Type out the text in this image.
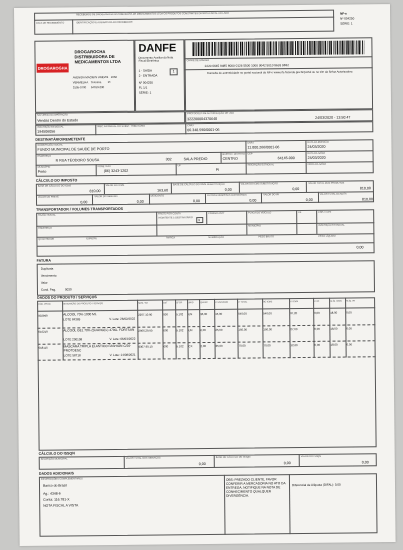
RECEBEMOS DE DROGACHOVA DISTRIBUIDORA DE MEDICAMENTOS LTDA OS PRODUTOS CONSTANTES DA NOTA FISCAL AO LADO
DATA DE RECEBIMENTO	IDENTIFICAÇÃO E ASSINATURA DO RECEBEDOR
NF-e
Nº 004250
SÉRIE: 1
DROGAROGHA
DROGAROCHA DISTRIBUIDORA DE MEDICAMENTOS LTDA
AVENIDA MACIEIS UNIDAS 1056
VERMELHA Teresina PI
3195-0700 64019-230
DANFE
Documento Auxiliar da Nota Fiscal Eletrônica
1 - SAÍDA
2 - ENTRADA
1
Nº 004250
FL 1/1
SÉRIE: 1
CHAVE DE ACESSO
2220 0645 9485 8000 0126 5500 1000 0042 5010 9633 9832
Consulta de autenticidade no portal nacional da NF-e www.nfe.fazenda.gov.br/portal ou no site da Sefaz Autorizadora
NATUREZA DA OPERAÇÃO
Vendas Dentro do Estado
PROTOCOLO DE AUTORIZAÇÃO DE USO
322200004370648	24/03/2020 - 13:50:47
INSCRIÇÃO ESTADUAL
194506056
INSC. ESTADUAL DO SUBST. TRIBUTÁRIO	CNPJ
00.348.590/0001-06
DESTINATÁRIO/REMETENTE
NOME/RAZÃO SOCIAL
FUNDO MUNICIPAL DE SAUDE DE PORTO
CNPJ
11.800.266/0001-06
DATA DA EMISSÃO
24/03/2020
ENDEREÇO
R RUA TEODORO SOUSA	302	SALA PREDIO
BAIRRO / DISTRITO
CENTRO
CEP
64145-000
DATA DA SAÍDA
24/03/2020
MUNICÍPIO
Porto
FONE / FAX
(86) 3243-1202
UF
PI
INSCRIÇÃO ESTADUAL	HORA DA SAÍDA
CÁLCULO DO IMPOSTO
TRANSPORTADOR / VOLUMES TRANSPORTADOS
RAZÃO SOCIAL	FRETE POR CONTA
0-EMITENTE 1-DESTINATÁRIO
9
CÓDIGO ANTT	PLACA DO VEÍCULO	UF	CNPJ / CPF
ENDEREÇO
MUNICÍPIO	INSCRIÇÃO ESTADUAL
QUANTIDADE	ESPÉCIE	MARCA	NUMERAÇÃO	PESO BRUTO	PESO LÍQUIDO
0,00
FATURA
DADOS DO PRODUTO / SERVIÇOS
CÁLCULO DO ISSQN
INSCRIÇÃO MUNICIPAL	VALOR TOTAL DOS SERVIÇOS
0,00
BASE DE CÁLCULO DO ISSQN
0,00
VALOR DO ISSQN
0,00
DADOS ADICIONAIS
INFORMAÇÕES COMPLEMENTARES
Banco do Brasil
Ag.: 4348-6
Conta: 116.781-X
NOTA FISCAL A VISTA
OBS: PREZADO CLIENTE, FAVOR CONFERIR A MERCADORIA NO ATO DA ENTREGA, NOTIFIQUE NA NOTA DE CONHECIMENTO QUALQUER DIVERGÊNCIA.
Diferencial de Alíquota (DIFAL): 0,00
BASE DE CÁLCULO DO ICMS
810,00
VALOR DO ICMS
163,60
BASE DE CÁLCULO DO ICMS SUBSTITUIÇÃO
0,00
VALOR DO ICMS SUBSTITUIÇÃO
0,00
VALOR TOTAL DOS PRODUTOS
810,00
VALOR DO FRETE
0,00
VALOR DO SEGURO
0,00
DESCONTO
0,00
OUTRAS DESPESAS ACESSÓRIAS
0,00
VALOR DO IPI
0,00
VALOR TOTAL DA NOTA
810,00
Duplicata
Vencimento
Valor
Cond. Pag.	0030
CÓD. PROD.	DESCRIÇÃO DO PRODUTO / SERVIÇO	NCM / SH	CST	CFOP	UNID	QUANT	V. UNITÁRIO	V. TOTAL	BC ICMS	V. ICMS	V. IPI	ALÍQ. ICMS ALÍQ. IPI
002999	ALCOOL 70% 1000 ML	2207.10.90	000	5.102 UN	36,00	15,00	540,00	540,00	97,20	0,00	18,00	0,00
LOTE 84389	V. Lote: 26/02/2022
016219	ALCOOL GEL 70% (SUAVGEL) 470G- FORTSAN	2906.29.90	000	5.102 UN	6,00	25,00	150,00	150,00	27,00	0,00	18,00	0,00
LOTE 200108	V. Lote: 06/03/2022
018115	MASCARA TRIPLA ELASTICO FASHION C/20- PROTDESC
6307.90.10	000	5.102 CX	2,00	35,00	70,00	70,00	12,60	0,00	18,00	0,00
LOTE 58718	V. Lote: 14/08/2021
